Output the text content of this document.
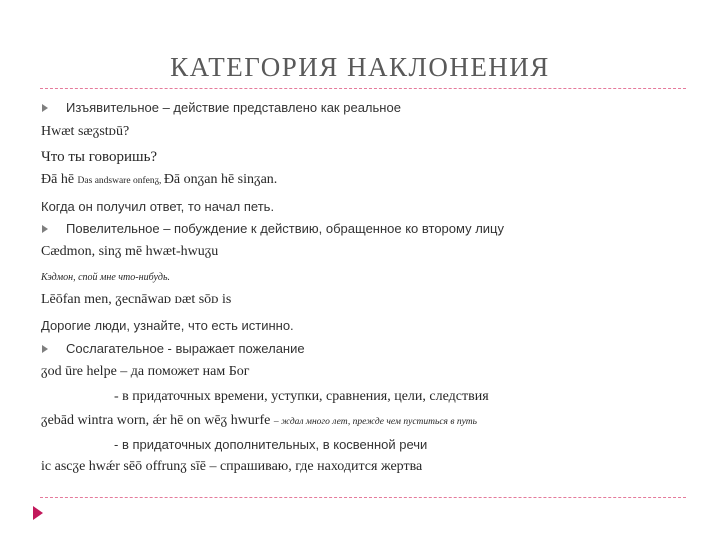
КАТЕГОРИЯ НАКЛОНЕНИЯ
Изъявительное – действие представлено как реальное
Hwæt sæᵹstᴅū?
Что ты говоришь?
Đā hē Das andsware onfenᵹ, Đā onᵹan hē sinᵹan.
Когда он получил ответ, то начал петь.
Повелительное – побуждение к действию, обращенное ко второму лицу
Cædmon, sinᵹ mē hwæt-hwuᵹu
Кэдмон, спой мне что-нибудь.
Lēōfan men, ᵹecnāwaᴅ ᴅæt sōᴅ is
Дорогие люди, узнайте, что есть истинно.
Сослагательное - выражает пожелание
ᵹod ūre helpe – да поможет нам Бог
- в придаточных времени, уступки, сравнения, цели, следствия
ᵹebād wintra worn, ǽr hē on wēᵹ hwurfe – ждал много лет, прежде чем пуститься в путь
- в придаточных дополнительных, в косвенной речи
ic ascᵹe hwǽr sēō offrunᵹ sīē – спрашиваю, где находится жертва
